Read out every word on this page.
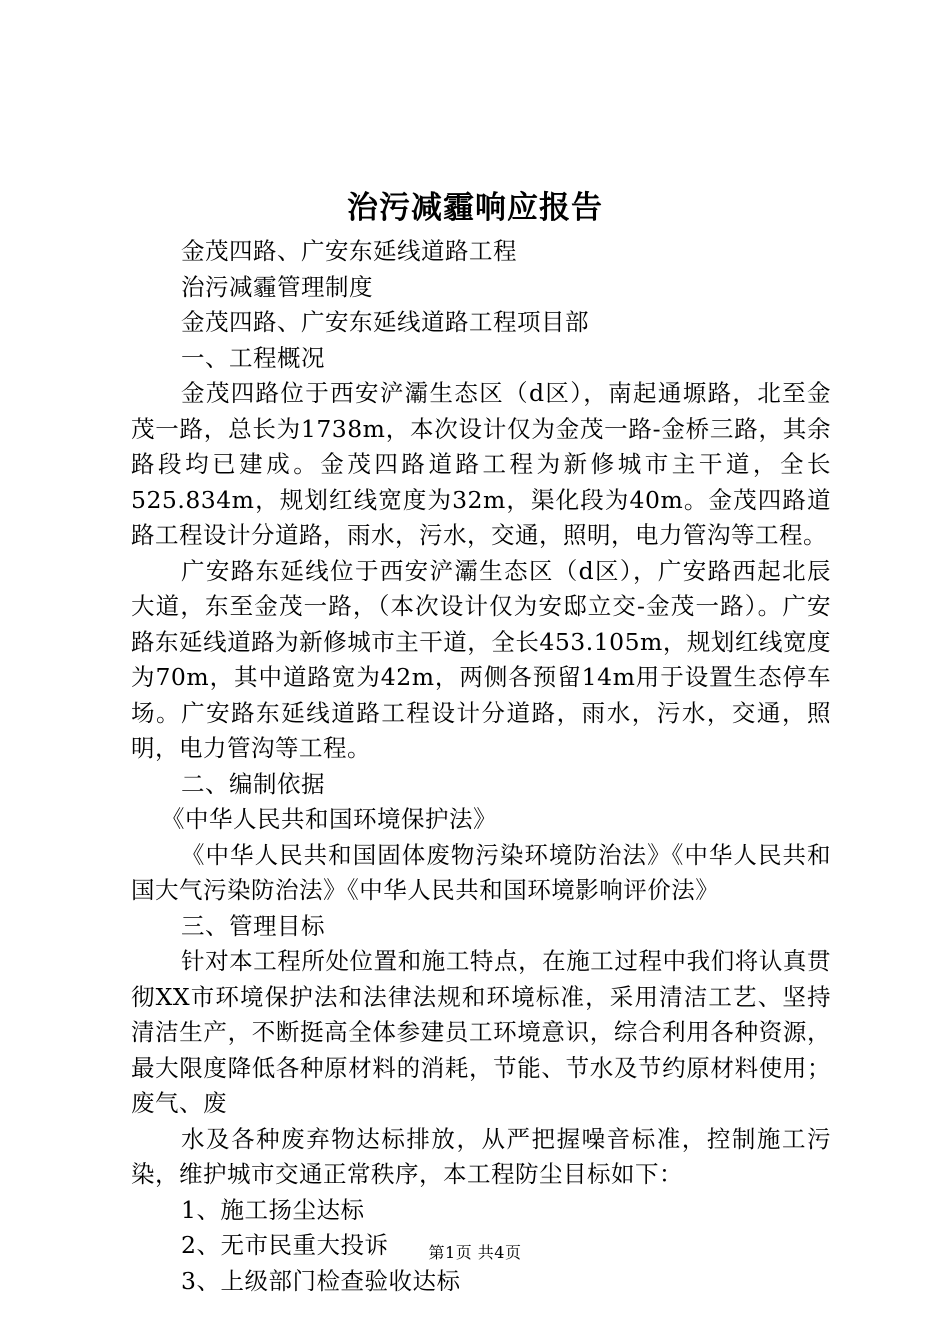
治污减霾响应报告
金茂四路、广安东延线道路工程
治污减霾管理制度
金茂四路、广安东延线道路工程项目部
一、工程概况
金茂四路位于西安浐灞生态区（d区），南起通塬路，北至金茂一路，总长为1738m，本次设计仅为金茂一路-金桥三路，其余路段均已建成。金茂四路道路工程为新修城市主干道，全长525.834m，规划红线宽度为32m，渠化段为40m。金茂四路道路工程设计分道路，雨水，污水，交通，照明，电力管沟等工程。
广安路东延线位于西安浐灞生态区（d区），广安路西起北辰大道，东至金茂一路，（本次设计仅为安邸立交-金茂一路）。广安路东延线道路为新修城市主干道，全长453.105m，规划红线宽度为70m，其中道路宽为42m，两侧各预留14m用于设置生态停车场。广安路东延线道路工程设计分道路，雨水，污水，交通，照明，电力管沟等工程。
二、编制依据
《中华人民共和国环境保护法》
《中华人民共和国固体废物污染环境防治法》《中华人民共和国大气污染防治法》《中华人民共和国环境影响评价法》
三、管理目标
针对本工程所处位置和施工特点，在施工过程中我们将认真贯彻XX市环境保护法和法律法规和环境标准，采用清洁工艺、坚持清洁生产，不断挺高全体参建员工环境意识，综合利用各种资源，最大限度降低各种原材料的消耗，节能、节水及节约原材料使用；废气、废
水及各种废弃物达标排放，从严把握噪音标准，控制施工污染，维护城市交通正常秩序，本工程防尘目标如下：
1、施工扬尘达标
2、无市民重大投诉
3、上级部门检查验收达标
第1页 共4页
